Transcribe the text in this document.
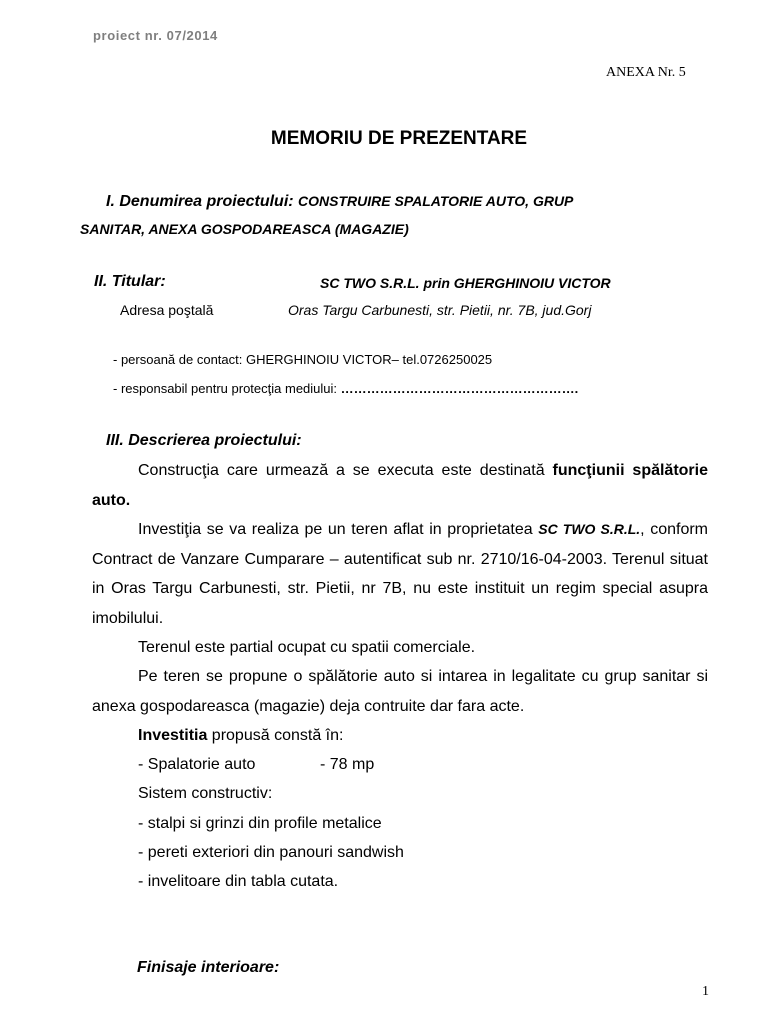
proiect nr. 07/2014
ANEXA Nr. 5
MEMORIU DE PREZENTARE
I. Denumirea proiectului: CONSTRUIRE SPALATORIE AUTO, GRUP
SANITAR, ANEXA GOSPODAREASCA (MAGAZIE)
II. Titular:	SC TWO S.R.L. prin GHERGHINOIU VICTOR
Adresa poştală	Oras Targu Carbunesti, str. Pietii, nr. 7B, jud.Gorj
- persoană de contact: GHERGHINOIU VICTOR– tel.0726250025
- responsabil pentru protecţia mediului: ……………………………………………….
III. Descrierea proiectului:
Construcţia care urmează a se executa este destinată funcţiunii spălătorie auto.
Investiţia se va realiza pe un teren aflat in proprietatea SC TWO S.R.L., conform Contract de Vanzare Cumparare – autentificat sub nr. 2710/16-04-2003. Terenul situat in Oras Targu Carbunesti, str. Pietii, nr 7B, nu este instituit un regim special asupra imobilului.
Terenul este partial ocupat cu spatii comerciale.
Pe teren se propune o spălătorie auto si intarea in legalitate cu grup sanitar si anexa gospodareasca (magazie) deja contruite dar fara acte.
Investitia propusă constă în:
- Spalatorie auto	- 78 mp
Sistem constructiv:
- stalpi si grinzi din profile metalice
- pereti exteriori din panouri sandwish
- invelitoare din tabla cutata.
Finisaje interioare:
1
